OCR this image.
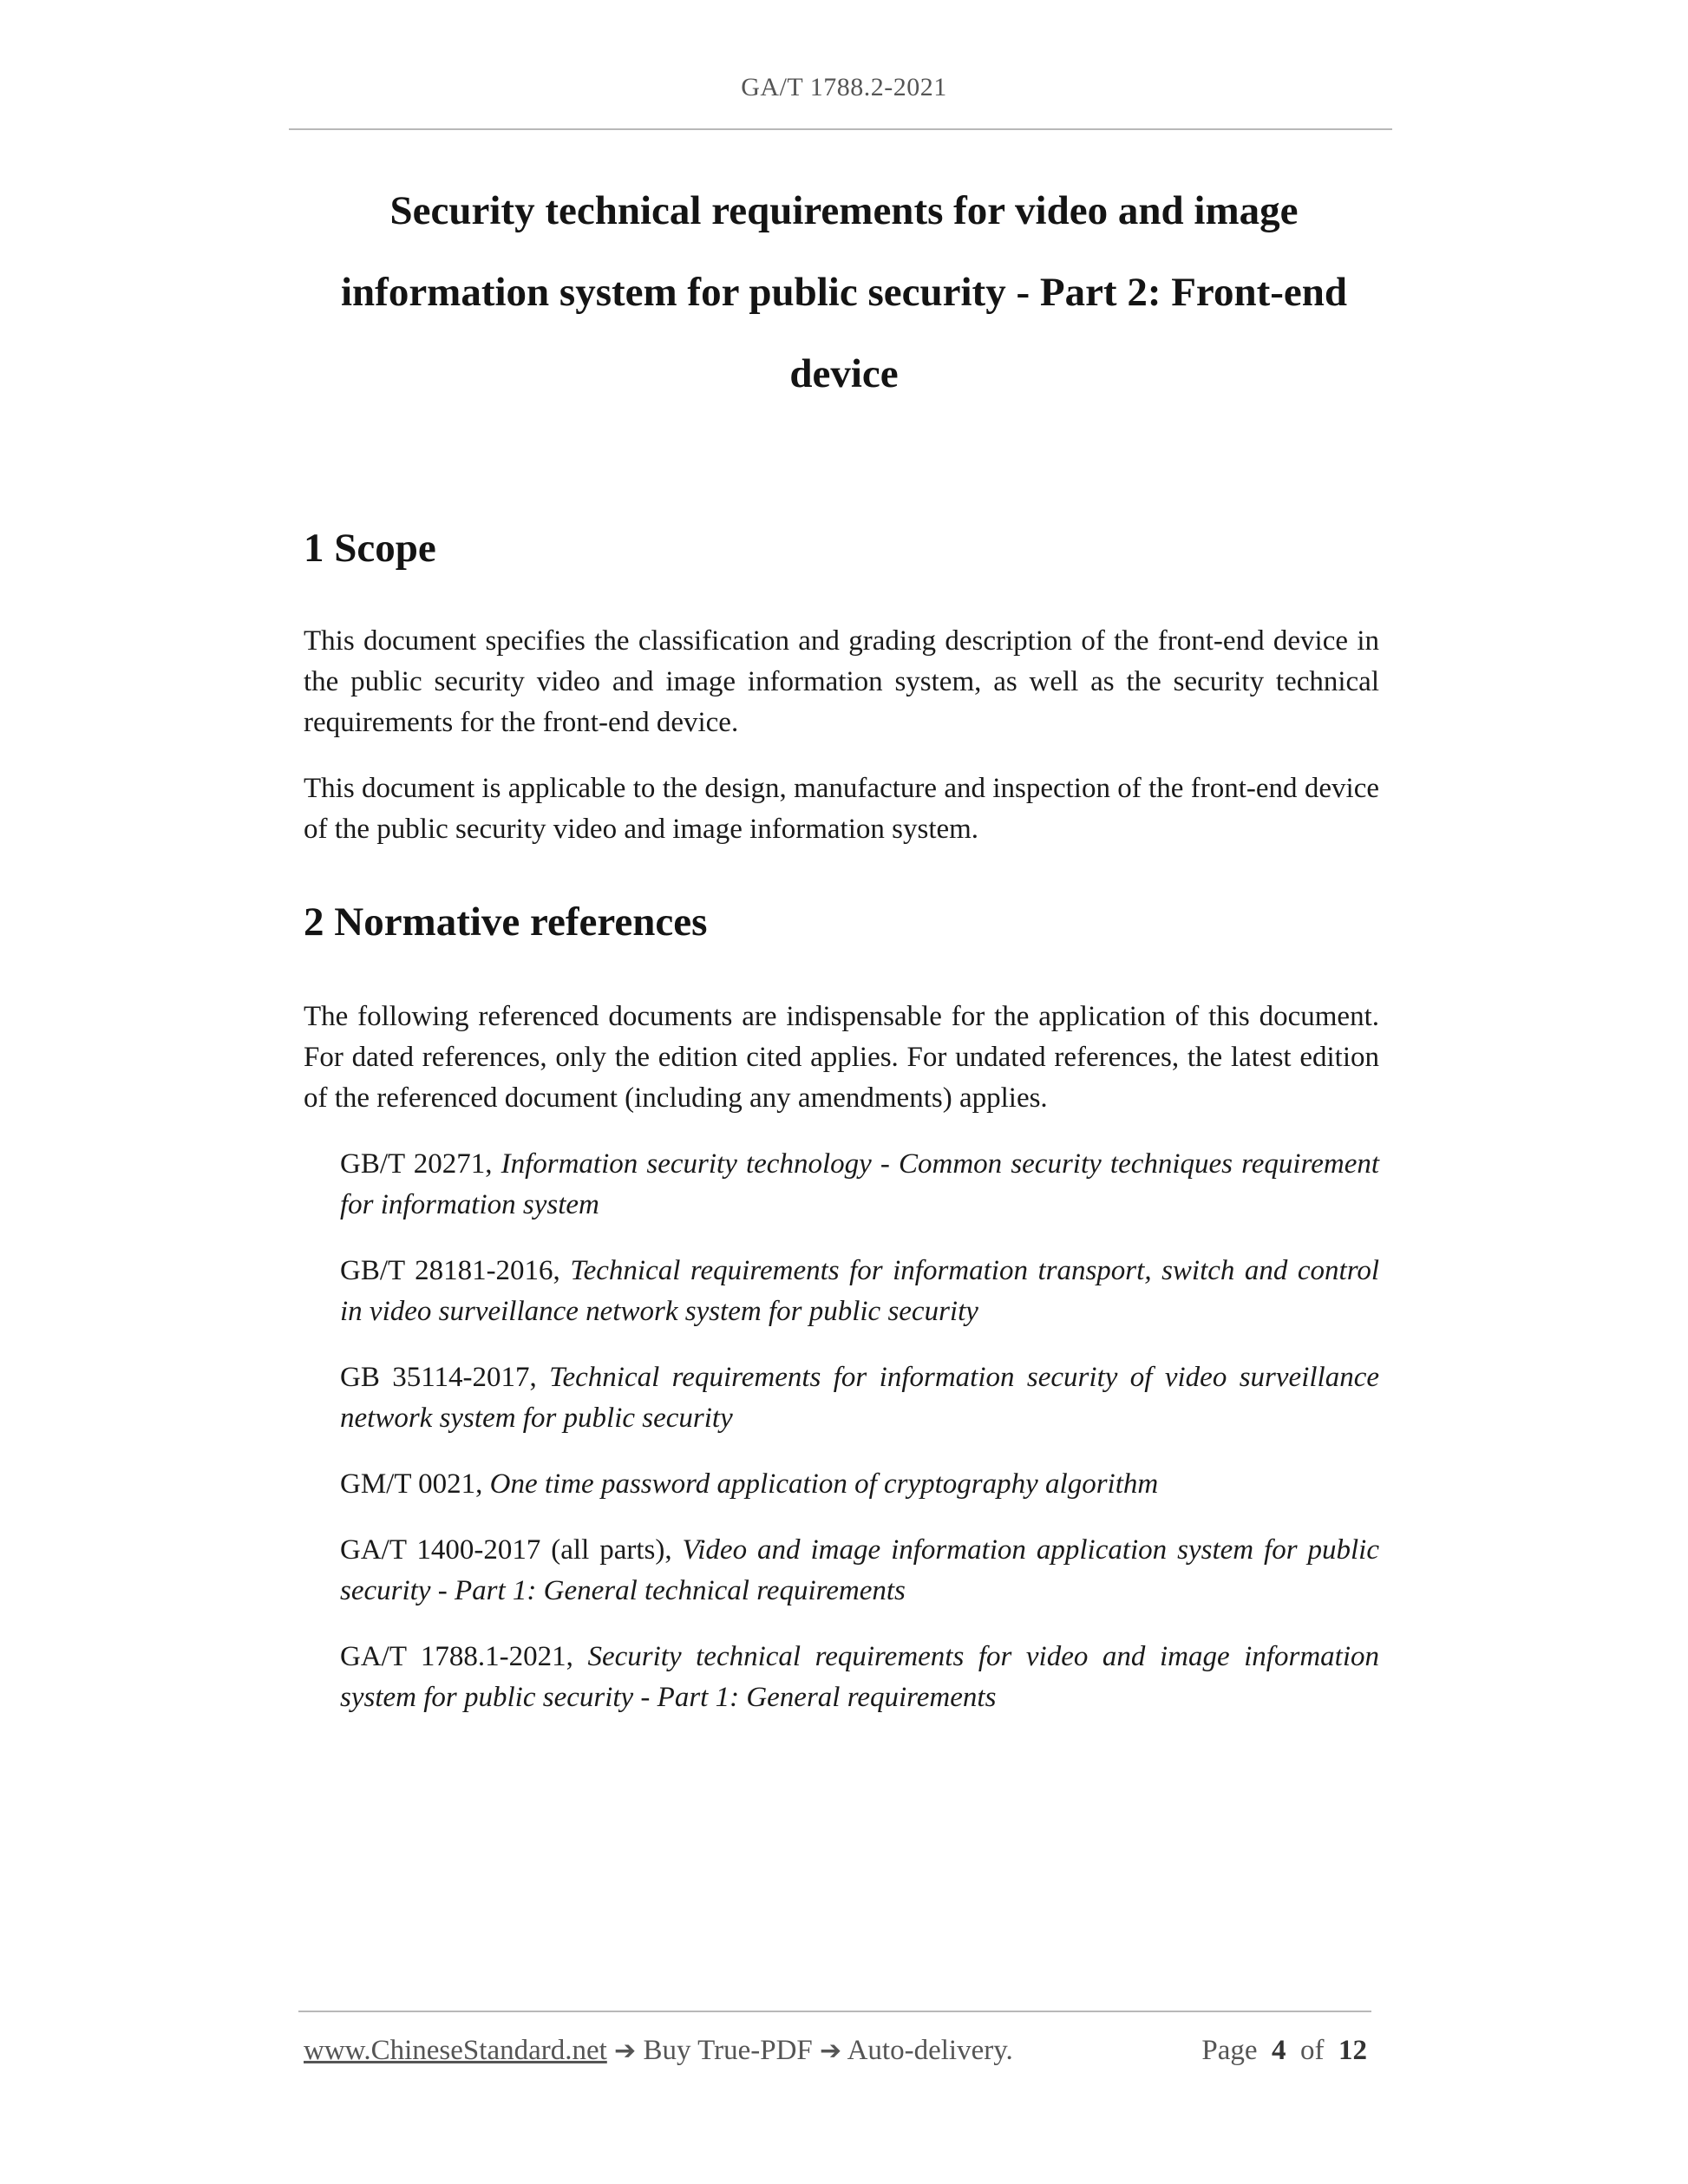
GA/T 1788.2-2021
Security technical requirements for video and image
information system for public security - Part 2: Front-end
device
1 Scope

This document specifies the classification and grading description of the front-end device in the public security video and image information system, as well as the security technical requirements for the front-end device.

This document is applicable to the design, manufacture and inspection of the front-end device of the public security video and image information system.

2 Normative references

The following referenced documents are indispensable for the application of this document. For dated references, only the edition cited applies. For undated references, the latest edition of the referenced document (including any amendments) applies.

GB/T 20271, Information security technology - Common security techniques requirement for information system

GB/T 28181-2016, Technical requirements for information transport, switch and control in video surveillance network system for public security

GB 35114-2017, Technical requirements for information security of video surveillance network system for public security

GM/T 0021, One time password application of cryptography algorithm

GA/T 1400-2017 (all parts), Video and image information application system for public security - Part 1: General technical requirements

GA/T 1788.1-2021, Security technical requirements for video and image information system for public security - Part 1: General requirements

www.ChineseStandard.net ➔ Buy True-PDF ➔ Auto-delivery.	Page 4 of 12
